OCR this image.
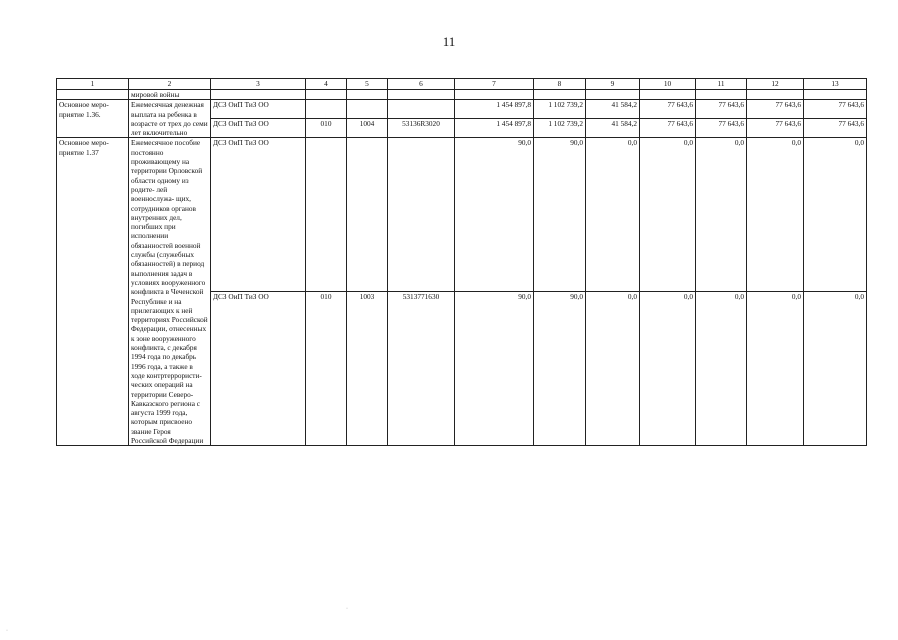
11
1	2	3	4	5	6	7	8	9	10	11	12	13
	мировой войны											
Основное меро- приятие 1.36.	Ежемесячная денежная выплата на ребенка в возрасте от трех до семи лет включительно	ДСЗ ОиП ТиЗ ОО				1 454 897,8	1 102 739,2	41 584,2	77 643,6	77 643,6	77 643,6	77 643,6
		ДСЗ ОиП ТиЗ ОО	010	1004	53136R3020	1 454 897,8	1 102 739,2	41 584,2	77 643,6	77 643,6	77 643,6	77 643,6
Основное меро- приятие 1.37	Ежемесячное пособие постоянно проживающему на территории Орловской области одному из родите- лей военнослужа- щих, сотрудников органов внутренних дел, погибших при исполнении обязанностей военной службы (служебных обязанностей) в период выполнения задач в условиях вооруженного конфликта в Чеченской Республике и на прилегающих к ней территориях Российской Федерации, отнесенных к зоне вооруженного конфликта, с декабря 1994 года по декабрь 1996 года, а также в ходе контртеррористи- ческих операций на территории Северо- Кавказского региона с августа 1999 года, которым присвоено звание Героя Российской Федерации	ДСЗ ОиП ТиЗ ОО				90,0	90,0	0,0	0,0	0,0	0,0	0,0
		ДСЗ ОиП ТиЗ ОО	010	1003	5313771630	90,0	90,0	0,0	0,0	0,0	0,0	0,0
·
·
